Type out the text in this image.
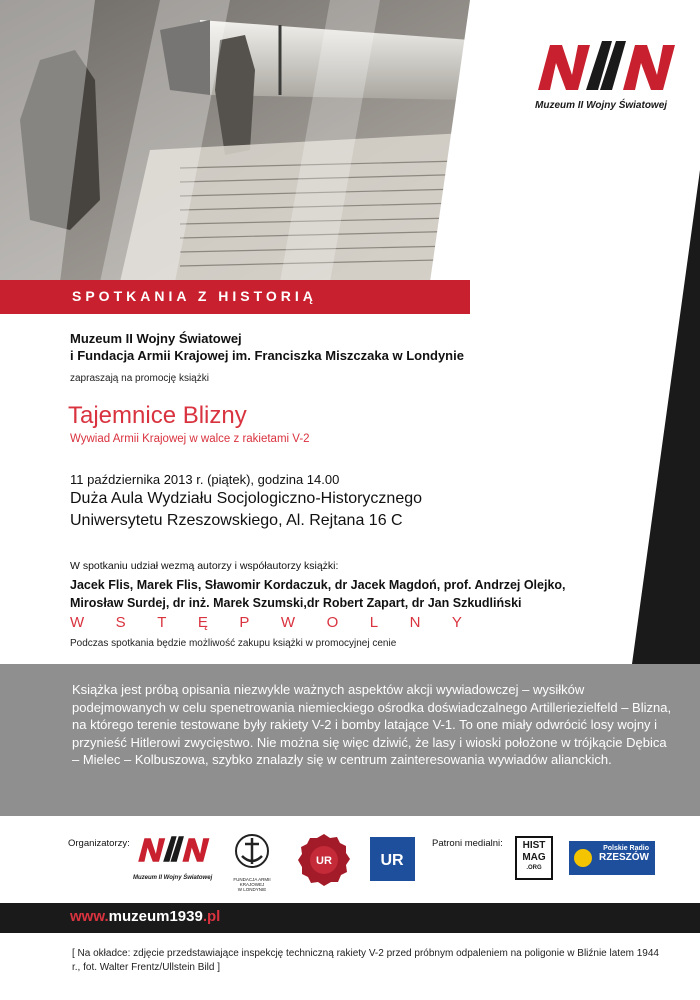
Muzeum II Wojny Światowej
SPOTKANIA Z HISTORIĄ
Muzeum II Wojny Światowej
i Fundacja Armii Krajowej im. Franciszka Miszczaka w Londynie
zapraszają na promocję książki
Tajemnice Blizny
Wywiad Armii Krajowej w walce z rakietami V-2
11 października 2013 r. (piątek), godzina 14.00
Duża Aula Wydziału Socjologiczno-Historycznego
Uniwersytetu Rzeszowskiego, Al. Rejtana 16 C
W spotkaniu udział wezmą autorzy i współautorzy książki:
Jacek Flis, Marek Flis, Sławomir Kordaczuk, dr Jacek Magdoń, prof. Andrzej Olejko,
Mirosław Surdej, dr inż. Marek Szumski,dr Robert Zapart, dr Jan Szkudliński
W S T Ę P W O L N Y
Podczas spotkania będzie możliwość zakupu książki w promocyjnej cenie
Książka jest próbą opisania niezwykle ważnych aspektów akcji wywiadowczej – wysiłków podejmowanych w celu spenetrowania niemieckiego ośrodka doświadczalnego Artilleriezielfeld – Blizna, na którego terenie testowane były rakiety V-2 i bomby latające V-1. To one miały odwrócić losy wojny i przynieść Hitlerowi zwycięstwo. Nie można się więc dziwić, że lasy i wioski położone w trójkącie Dębica – Mielec – Kolbuszowa, szybko znalazły się w centrum zainteresowania wywiadów alianckich.
Organizatorzy:
Muzeum II Wojny Światowej	FUNDACJA ARMII KRAJOWEJ
W LONDYNIE
UR	UR
Patroni medialni:	HIST
MAG
.ORG
Polskie Radio
RZESZÓW
www.muzeum1939.pl
[ Na okładce: zdjęcie przedstawiające inspekcję techniczną rakiety V-2 przed próbnym odpaleniem na poligonie w Bliźnie latem 1944 r., fot. Walter Frentz/Ullstein Bild ]
